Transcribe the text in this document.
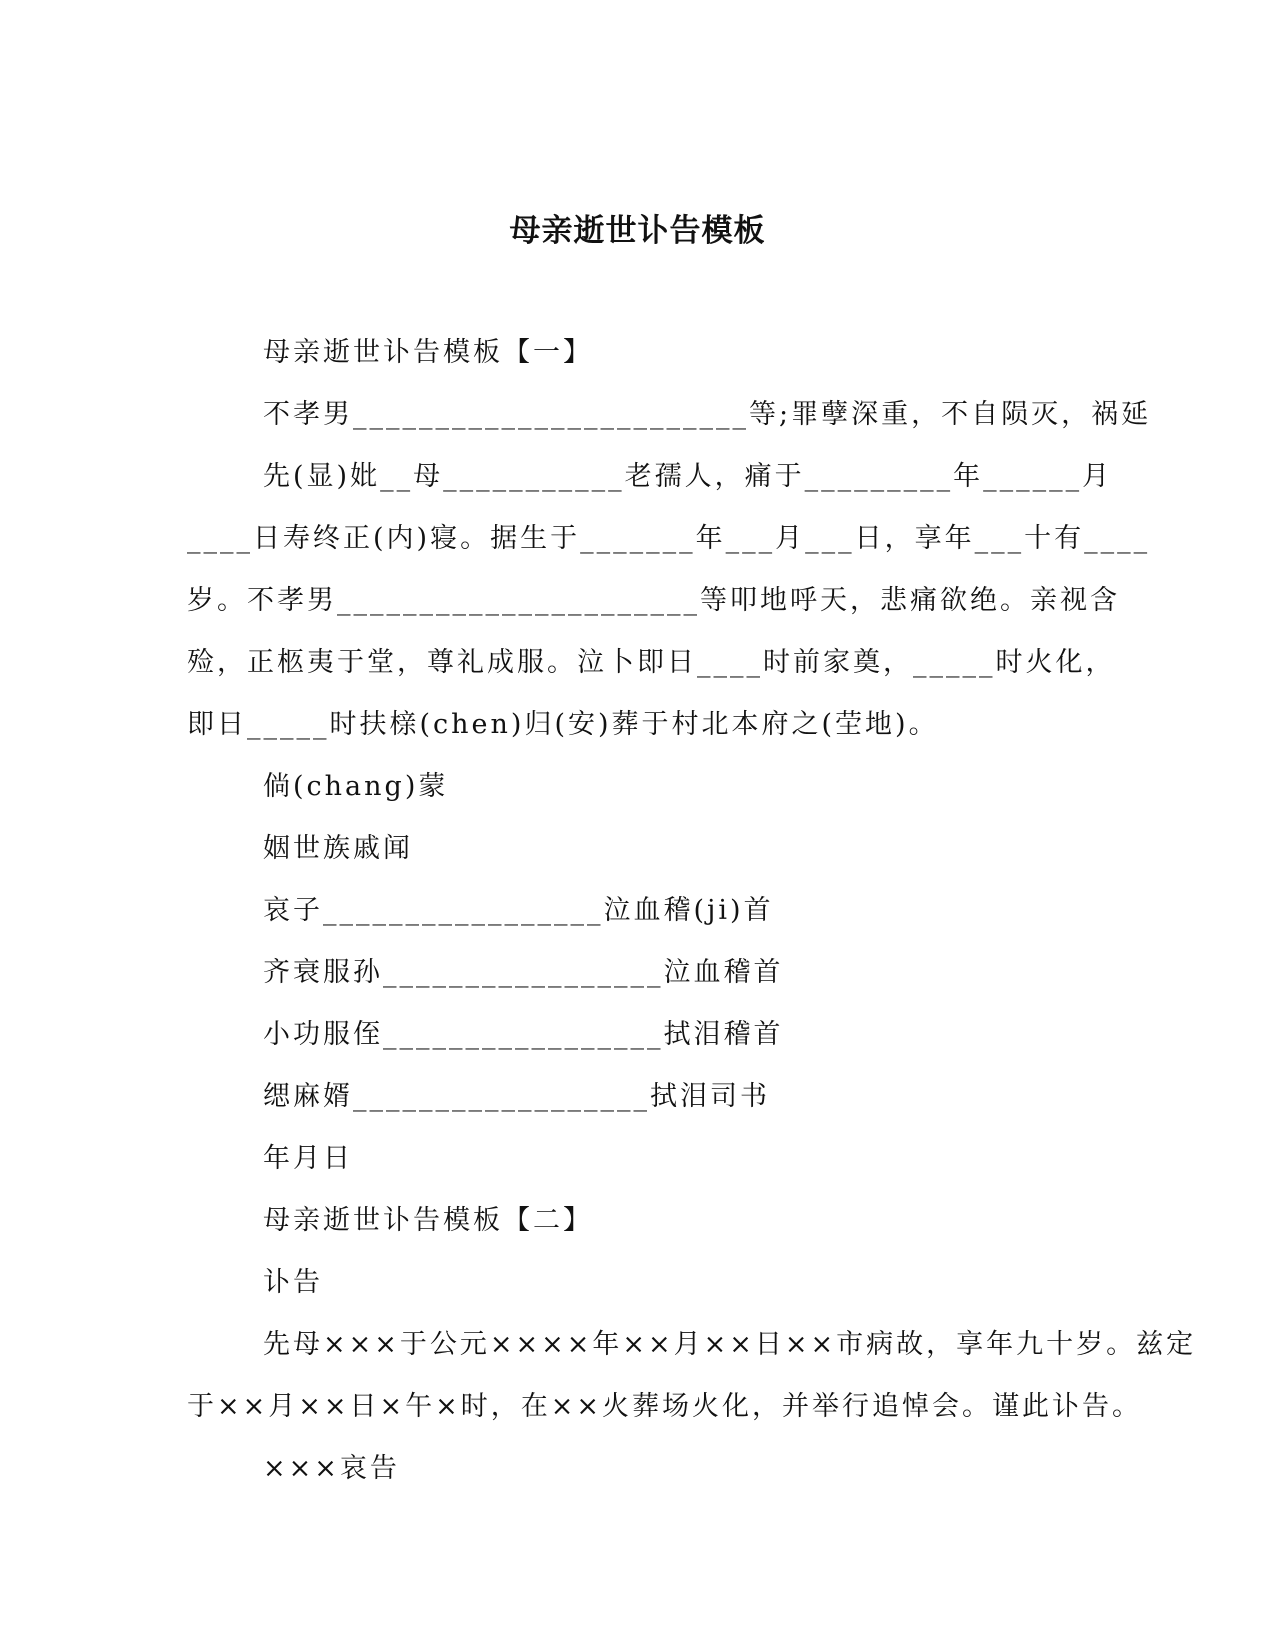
母亲逝世讣告模板

母亲逝世讣告模板【一】

不孝男________________________等;罪孽深重，不自陨灭，祸延

先(显)妣__母___________老孺人，痛于_________年______月

____日寿终正(内)寝。据生于_______年___月___日，享年___十有____

岁。不孝男______________________等叩地呼天，悲痛欲绝。亲视含

殓，正柩夷于堂，尊礼成服。泣卜即日____时前家奠，_____时火化，

即日_____时扶榇(chen)归(安)葬于村北本府之(茔地)。

倘(chang)蒙

姻世族戚闻

哀子_________________泣血稽(ji)首

齐衰服孙_________________泣血稽首

小功服侄_________________拭泪稽首

缌麻婿__________________拭泪司书

年月日

母亲逝世讣告模板【二】

讣告

先母×××于公元××××年××月××日××市病故，享年九十岁。兹定

于××月××日×午×时，在××火葬场火化，并举行追悼会。谨此讣告。

×××哀告
